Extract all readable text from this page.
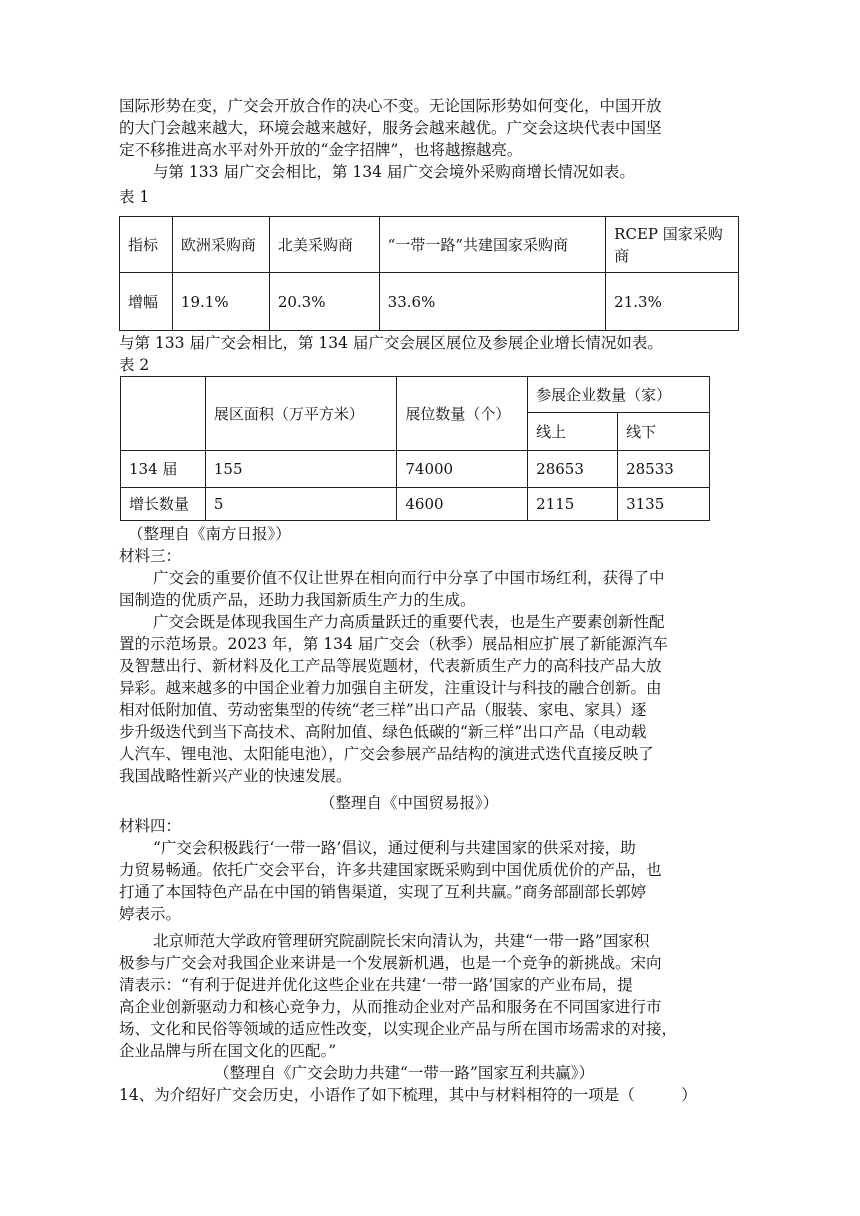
国际形势在变，广交会开放合作的决心不变。无论国际形势如何变化，中国开放
的大门会越来越大，环境会越来越好，服务会越来越优。广交会这块代表中国坚
定不移推进高水平对外开放的“金字招牌”，也将越擦越亮。
与第 133 届广交会相比，第 134 届广交会境外采购商增长情况如表。
表 1
指标	欧洲采购商	北美采购商	“一带一路”共建国家采购商	RCEP 国家采购商
增幅	19.1%	20.3%	33.6%	21.3%
与第 133 届广交会相比，第 134 届广交会展区展位及参展企业增长情况如表。
表 2
	展区面积（万平方米）	展位数量（个）	参展企业数量（家）	
			线上	线下
134 届	155	74000	28653	28533
增长数量	5	4600	2115	3135
（整理自《南方日报》）
材料三：
广交会的重要价值不仅让世界在相向而行中分享了中国市场红利，获得了中
国制造的优质产品，还助力我国新质生产力的生成。
广交会既是体现我国生产力高质量跃迁的重要代表，也是生产要素创新性配
置的示范场景。2023 年，第 134 届广交会（秋季）展品相应扩展了新能源汽车
及智慧出行、新材料及化工产品等展览题材，代表新质生产力的高科技产品大放
异彩。越来越多的中国企业着力加强自主研发，注重设计与科技的融合创新。由
相对低附加值、劳动密集型的传统“老三样”出口产品（服装、家电、家具）逐
步升级迭代到当下高技术、高附加值、绿色低碳的“新三样”出口产品（电动载
人汽车、锂电池、太阳能电池），广交会参展产品结构的演进式迭代直接反映了
我国战略性新兴产业的快速发展。
（整理自《中国贸易报》）
材料四：
“广交会积极践行‘一带一路’倡议，通过便利与共建国家的供采对接，助
力贸易畅通。依托广交会平台，许多共建国家既采购到中国优质优价的产品，也
打通了本国特色产品在中国的销售渠道，实现了互利共赢。”商务部副部长郭婷
婷表示。
北京师范大学政府管理研究院副院长宋向清认为，共建“一带一路”国家积
极参与广交会对我国企业来讲是一个发展新机遇，也是一个竞争的新挑战。宋向
清表示：“有利于促进并优化这些企业在共建‘一带一路’国家的产业布局，提
高企业创新驱动力和核心竞争力，从而推动企业对产品和服务在不同国家进行市
场、文化和民俗等领域的适应性改变，以实现企业产品与所在国市场需求的对接，
企业品牌与所在国文化的匹配。”
（整理自《广交会助力共建“一带一路”国家互利共赢》）
14、为介绍好广交会历史，小语作了如下梳理，其中与材料相符的一项是（　　　）
